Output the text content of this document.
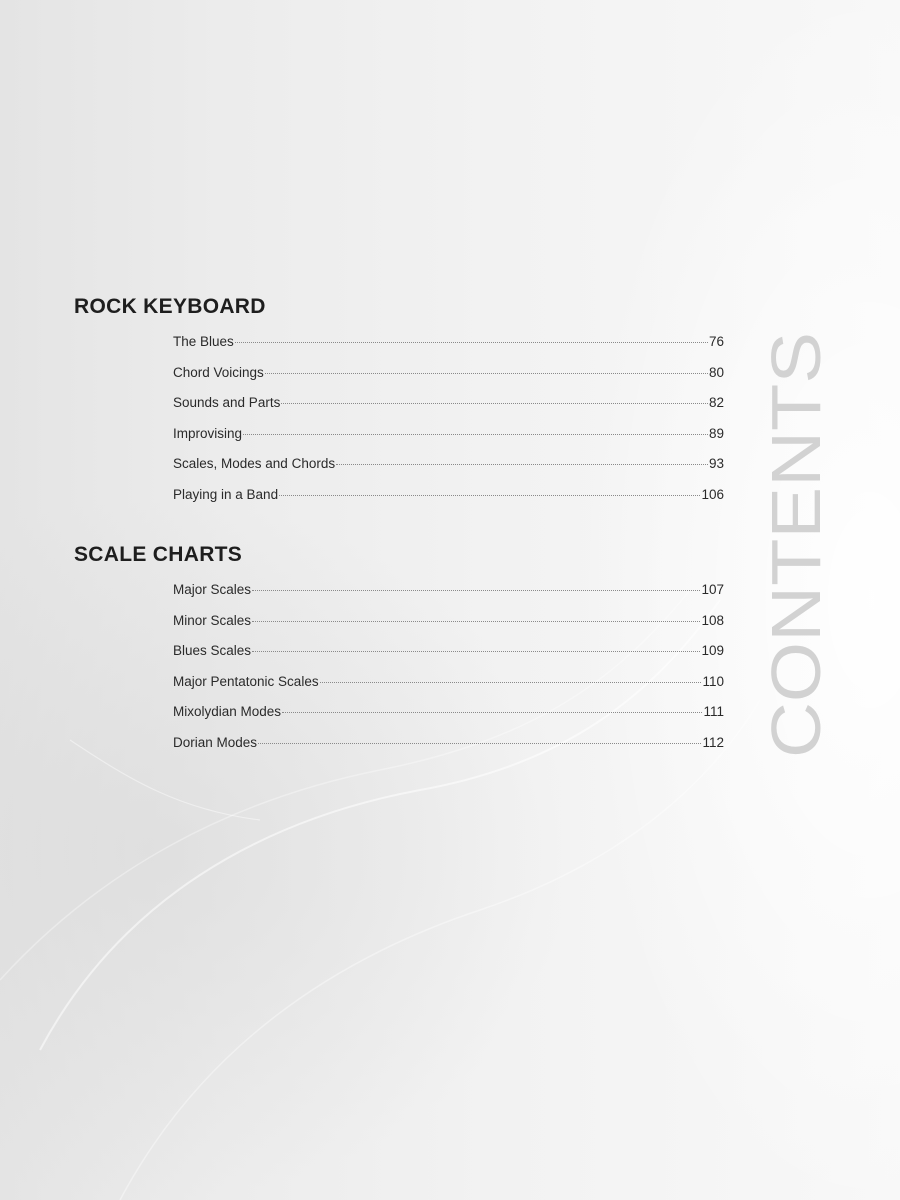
ROCK KEYBOARD
The Blues	76
Chord Voicings	80
Sounds and Parts	82
Improvising	89
Scales, Modes and Chords	93
Playing in a Band	106
SCALE CHARTS
Major Scales	107
Minor Scales	108
Blues Scales	109
Major Pentatonic Scales	110
Mixolydian Modes	111
Dorian Modes	112 CONTENTS
